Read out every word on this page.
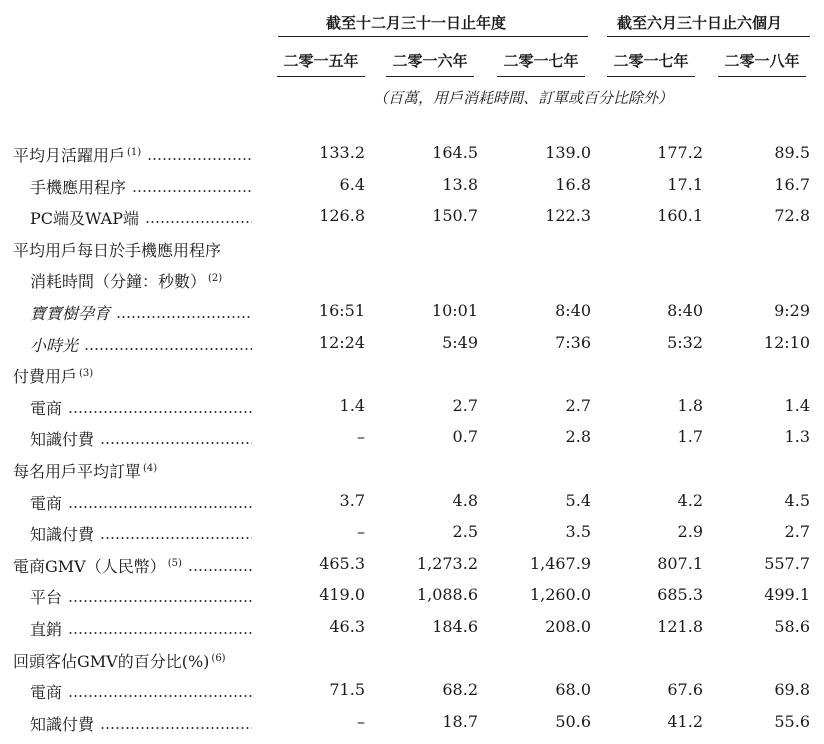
截至十二月三十一日止年度	截至六月三十日止六個月
二零一五年	二零一六年	二零一七年	二零一七年	二零一八年
（百萬，用戶消耗時間、訂單或百分比除外）
平均月活躍用戶 (1)	133.2	164.5	139.0	177.2	89.5
手機應用程序	6.4	13.8	16.8	17.1	16.7
PC端及WAP端	126.8	150.7	122.3	160.1	72.8
平均用戶每日於手機應用程序
消耗時間（分鐘：秒數） (2)
寶寶樹孕育	16:51	10:01	8:40	8:40	9:29
小時光	12:24	5:49	7:36	5:32	12:10
付費用戶 (3)
電商	1.4	2.7	2.7	1.8	1.4
知識付費	–	0.7	2.8	1.7	1.3
每名用戶平均訂單 (4)
電商	3.7	4.8	5.4	4.2	4.5
知識付費	–	2.5	3.5	2.9	2.7
電商GMV（人民幣） (5)	465.3	1,273.2	1,467.9	807.1	557.7
平台	419.0	1,088.6	1,260.0	685.3	499.1
直銷	46.3	184.6	208.0	121.8	58.6
回頭客佔GMV的百分比(%) (6)
電商	71.5	68.2	68.0	67.6	69.8
知識付費	–	18.7	50.6	41.2	55.6
